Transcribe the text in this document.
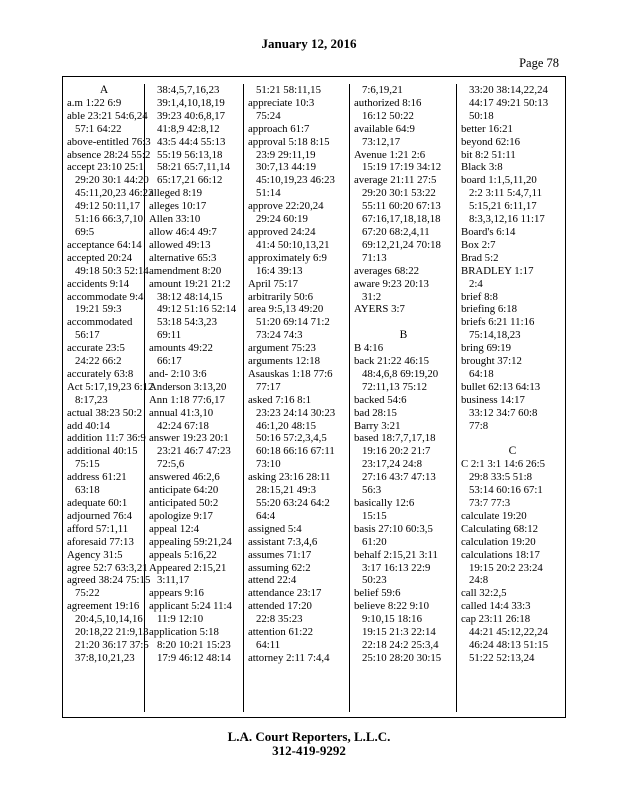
January 12, 2016
Page 78
A
a.m 1:22 6:9
able 23:21 54:6,24
57:1 64:22
above-entitled 76:3
absence 28:24 55:2
accept 23:10 25:1
29:20 30:1 44:20
45:11,20,23 46:23
49:12 50:11,17
51:16 66:3,7,10
69:5
acceptance 64:14
accepted 20:24
49:18 50:3 52:14
accidents 9:14
accommodate 9:4
19:21 59:3
accommodated
56:17
accurate 23:5
24:22 66:2
accurately 63:8
Act 5:17,19,23 6:12
8:17,23
actual 38:23 50:2
add 40:14
addition 11:7 36:9
additional 40:15
75:15
address 61:21
63:18
adequate 60:1
adjourned 76:4
afford 57:1,11
aforesaid 77:13
Agency 31:5
agree 52:7 63:3,21
agreed 38:24 75:15
75:22
agreement 19:16
20:4,5,10,14,16
20:18,22 21:9,13
21:20 36:17 37:5
37:8,10,21,23
38:4,5,7,16,23
39:1,4,10,18,19
39:23 40:6,8,17
41:8,9 42:8,12
43:5 44:4 55:13
55:19 56:13,18
58:21 65:7,11,14
65:17,21 66:12
alleged 8:19
alleges 10:17
Allen 33:10
allow 46:4 49:7
allowed 49:13
alternative 65:3
amendment 8:20
amount 19:21 21:2
38:12 48:14,15
49:12 51:16 52:14
53:18 54:3,23
69:11
amounts 49:22
66:17
and- 2:10 3:6
Anderson 3:13,20
Ann 1:18 77:6,17
annual 41:3,10
42:24 67:18
answer 19:23 20:1
23:21 46:7 47:23
72:5,6
answered 46:2,6
anticipate 64:20
anticipated 50:2
apologize 9:17
appeal 12:4
appealing 59:21,24
appeals 5:16,22
Appeared 2:15,21
3:11,17
appears 9:16
applicant 5:24 11:4
11:9 12:10
application 5:18
8:20 10:21 15:23
17:9 46:12 48:14
51:21 58:11,15
appreciate 10:3
75:24
approach 61:7
approval 5:18 8:15
23:9 29:11,19
30:7,13 44:19
45:10,19,23 46:23
51:14
approve 22:20,24
29:24 60:19
approved 24:24
41:4 50:10,13,21
approximately 6:9
16:4 39:13
April 75:17
arbitrarily 50:6
area 9:5,13 49:20
51:20 69:14 71:2
73:24 74:3
argument 75:23
arguments 12:18
Asauskas 1:18 77:6
77:17
asked 7:16 8:1
23:23 24:14 30:23
46:1,20 48:15
50:16 57:2,3,4,5
60:18 66:16 67:11
73:10
asking 23:16 28:11
28:15,21 49:3
55:20 63:24 64:2
64:4
assigned 5:4
assistant 7:3,4,6
assumes 71:17
assuming 62:2
attend 22:4
attendance 23:17
attended 17:20
22:8 35:23
attention 61:22
64:11
attorney 2:11 7:4,4
7:6,19,21
authorized 8:16
16:12 50:22
available 64:9
73:12,17
Avenue 1:21 2:6
15:19 17:19 34:12
average 21:11 27:5
29:20 30:1 53:22
55:11 60:20 67:13
67:16,17,18,18,18
67:20 68:2,4,11
69:12,21,24 70:18
71:13
averages 68:22
aware 9:23 20:13
31:2
AYERS 3:7
B
B 4:16
back 21:22 46:15
48:4,6,8 69:19,20
72:11,13 75:12
backed 54:6
bad 28:15
Barry 3:21
based 18:7,7,17,18
19:16 20:2 21:7
23:17,24 24:8
27:16 43:7 47:13
56:3
basically 12:6
15:15
basis 27:10 60:3,5
61:20
behalf 2:15,21 3:11
3:17 16:13 22:9
50:23
belief 59:6
believe 8:22 9:10
9:10,15 18:16
19:15 21:3 22:14
22:18 24:2 25:3,4
25:10 28:20 30:15
33:20 38:14,22,24
44:17 49:21 50:13
50:18
better 16:21
beyond 62:16
bit 8:2 51:11
Black 3:8
board 1:1,5,11,20
2:2 3:11 5:4,7,11
5:15,21 6:11,17
8:3,3,12,16 11:17
Board's 6:14
Box 2:7
Brad 5:2
BRADLEY 1:17
2:4
brief 8:8
briefing 6:18
briefs 6:21 11:16
75:14,18,23
bring 69:19
brought 37:12
64:18
bullet 62:13 64:13
business 14:17
33:12 34:7 60:8
77:8
C
C 2:1 3:1 14:6 26:5
29:8 33:5 51:8
53:14 60:16 67:1
73:7 77:3
calculate 19:20
Calculating 68:12
calculation 19:20
calculations 18:17
19:15 20:2 23:24
24:8
call 32:2,5
called 14:4 33:3
cap 23:11 26:18
44:21 45:12,22,24
46:24 48:13 51:15
51:22 52:13,24
L.A. Court Reporters, L.L.C.
312-419-9292
